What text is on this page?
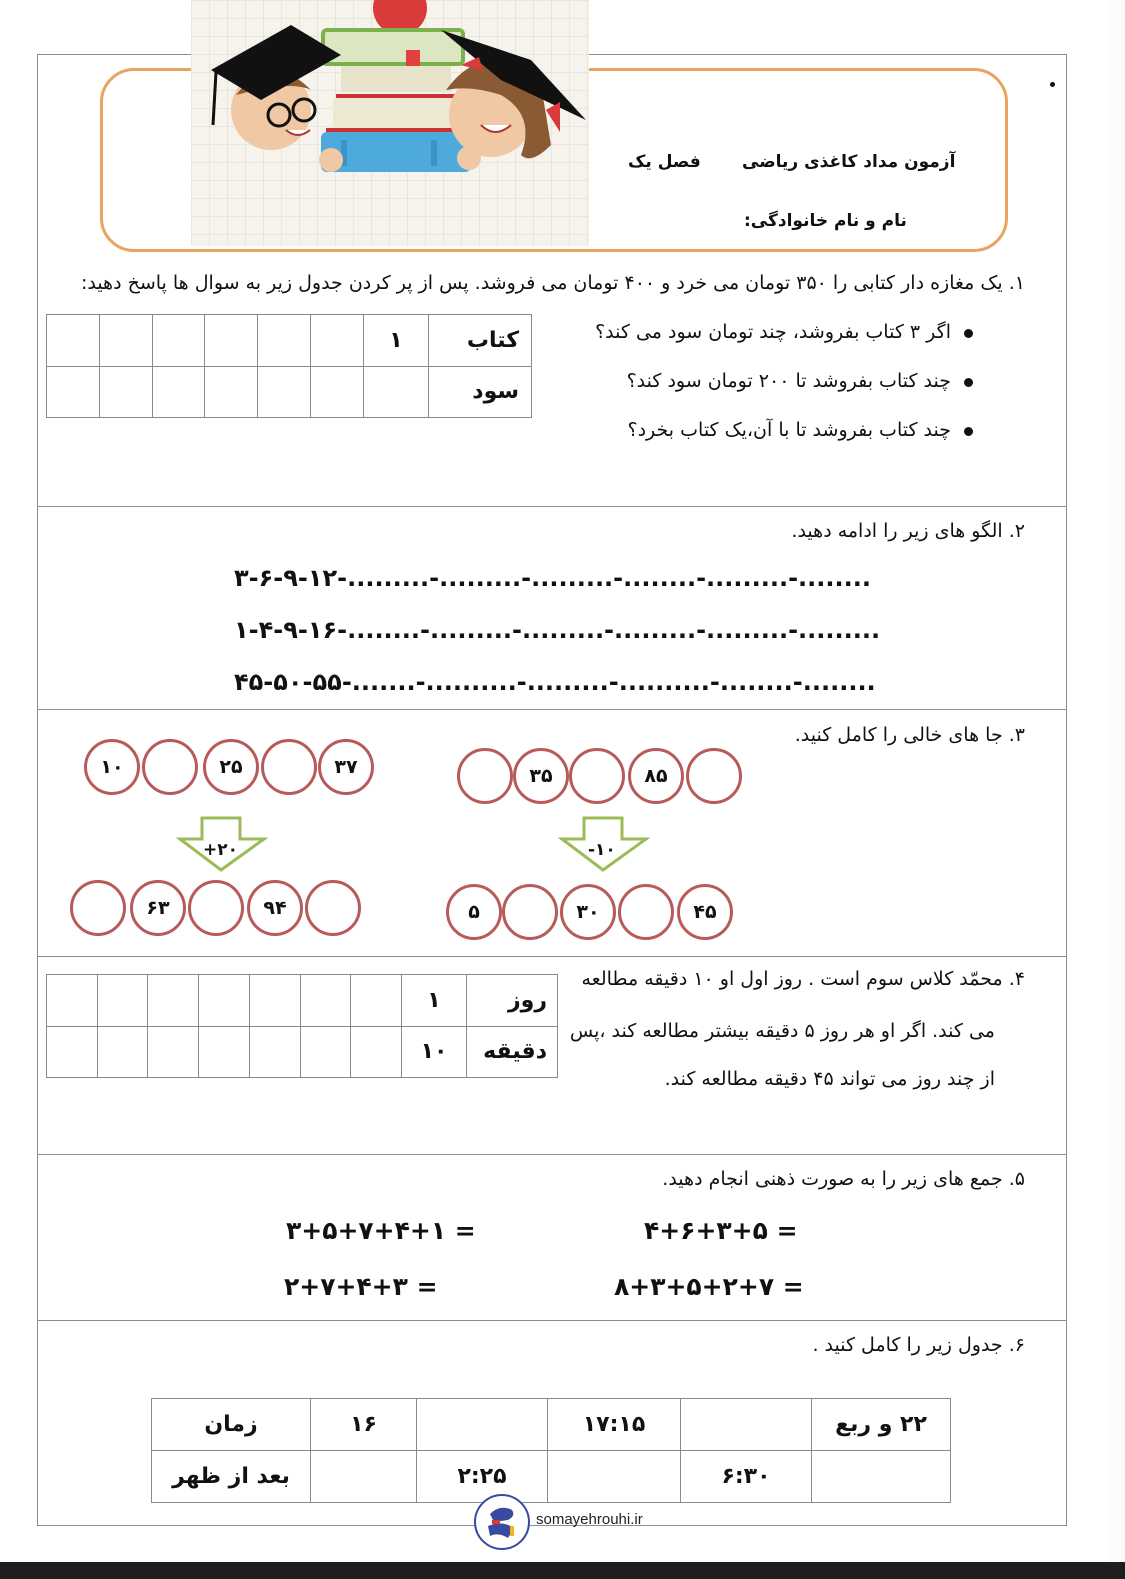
آزمون مداد کاغذی ریاضی
فصل یک
نام و نام خانوادگی:
۱. یک مغازه دار کتابی را ۳۵۰ تومان می خرد و ۴۰۰ تومان می فروشد. پس از پر کردن جدول زیر به سوال ها پاسخ دهید:
اگر ۳ کتاب بفروشد، چند تومان سود می کند؟
چند کتاب بفروشد تا ۲۰۰ تومان سود کند؟
چند کتاب بفروشد تا با آن،یک کتاب بخرد؟
						۱	کتاب
							سود
۲. الگو های زیر را ادامه دهید.
۳-۶-۹-۱۲-.........-.........-.........-........-.........-........
۱-۴-۹-۱۶-........-.........-.........-.........-.........-.........
۴۵-۵۰-۵۵-.......-..........-.........-..........-........-........
۳. جا های خالی را کامل کنید.
۱۰	۲۵	۳۷
+۲۰
۶۳	۹۴
۳۵	۸۵
-۱۰
۵	۳۰	۴۵
۴. محمّد کلاس سوم است . روز اول او ۱۰ دقیقه مطالعه
می کند. اگر او هر روز ۵ دقیقه بیشتر مطالعه کند ،پس
از چند روز می تواند ۴۵ دقیقه مطالعه کند.
							۱	روز
							۱۰	دقیقه
۵. جمع های زیر را به صورت ذهنی انجام دهید.
۴+۶+۳+۵ =
۳+۵+۷+۴+۱ =
۸+۳+۵+۲+۷ =
۲+۷+۴+۳ =
۶. جدول زیر را کامل کنید .
زمان	۱۶		۱۷:۱۵		۲۲ و ربع
بعد از ظهر		۲:۲۵		۶:۳۰	
somayehrouhi.ir
